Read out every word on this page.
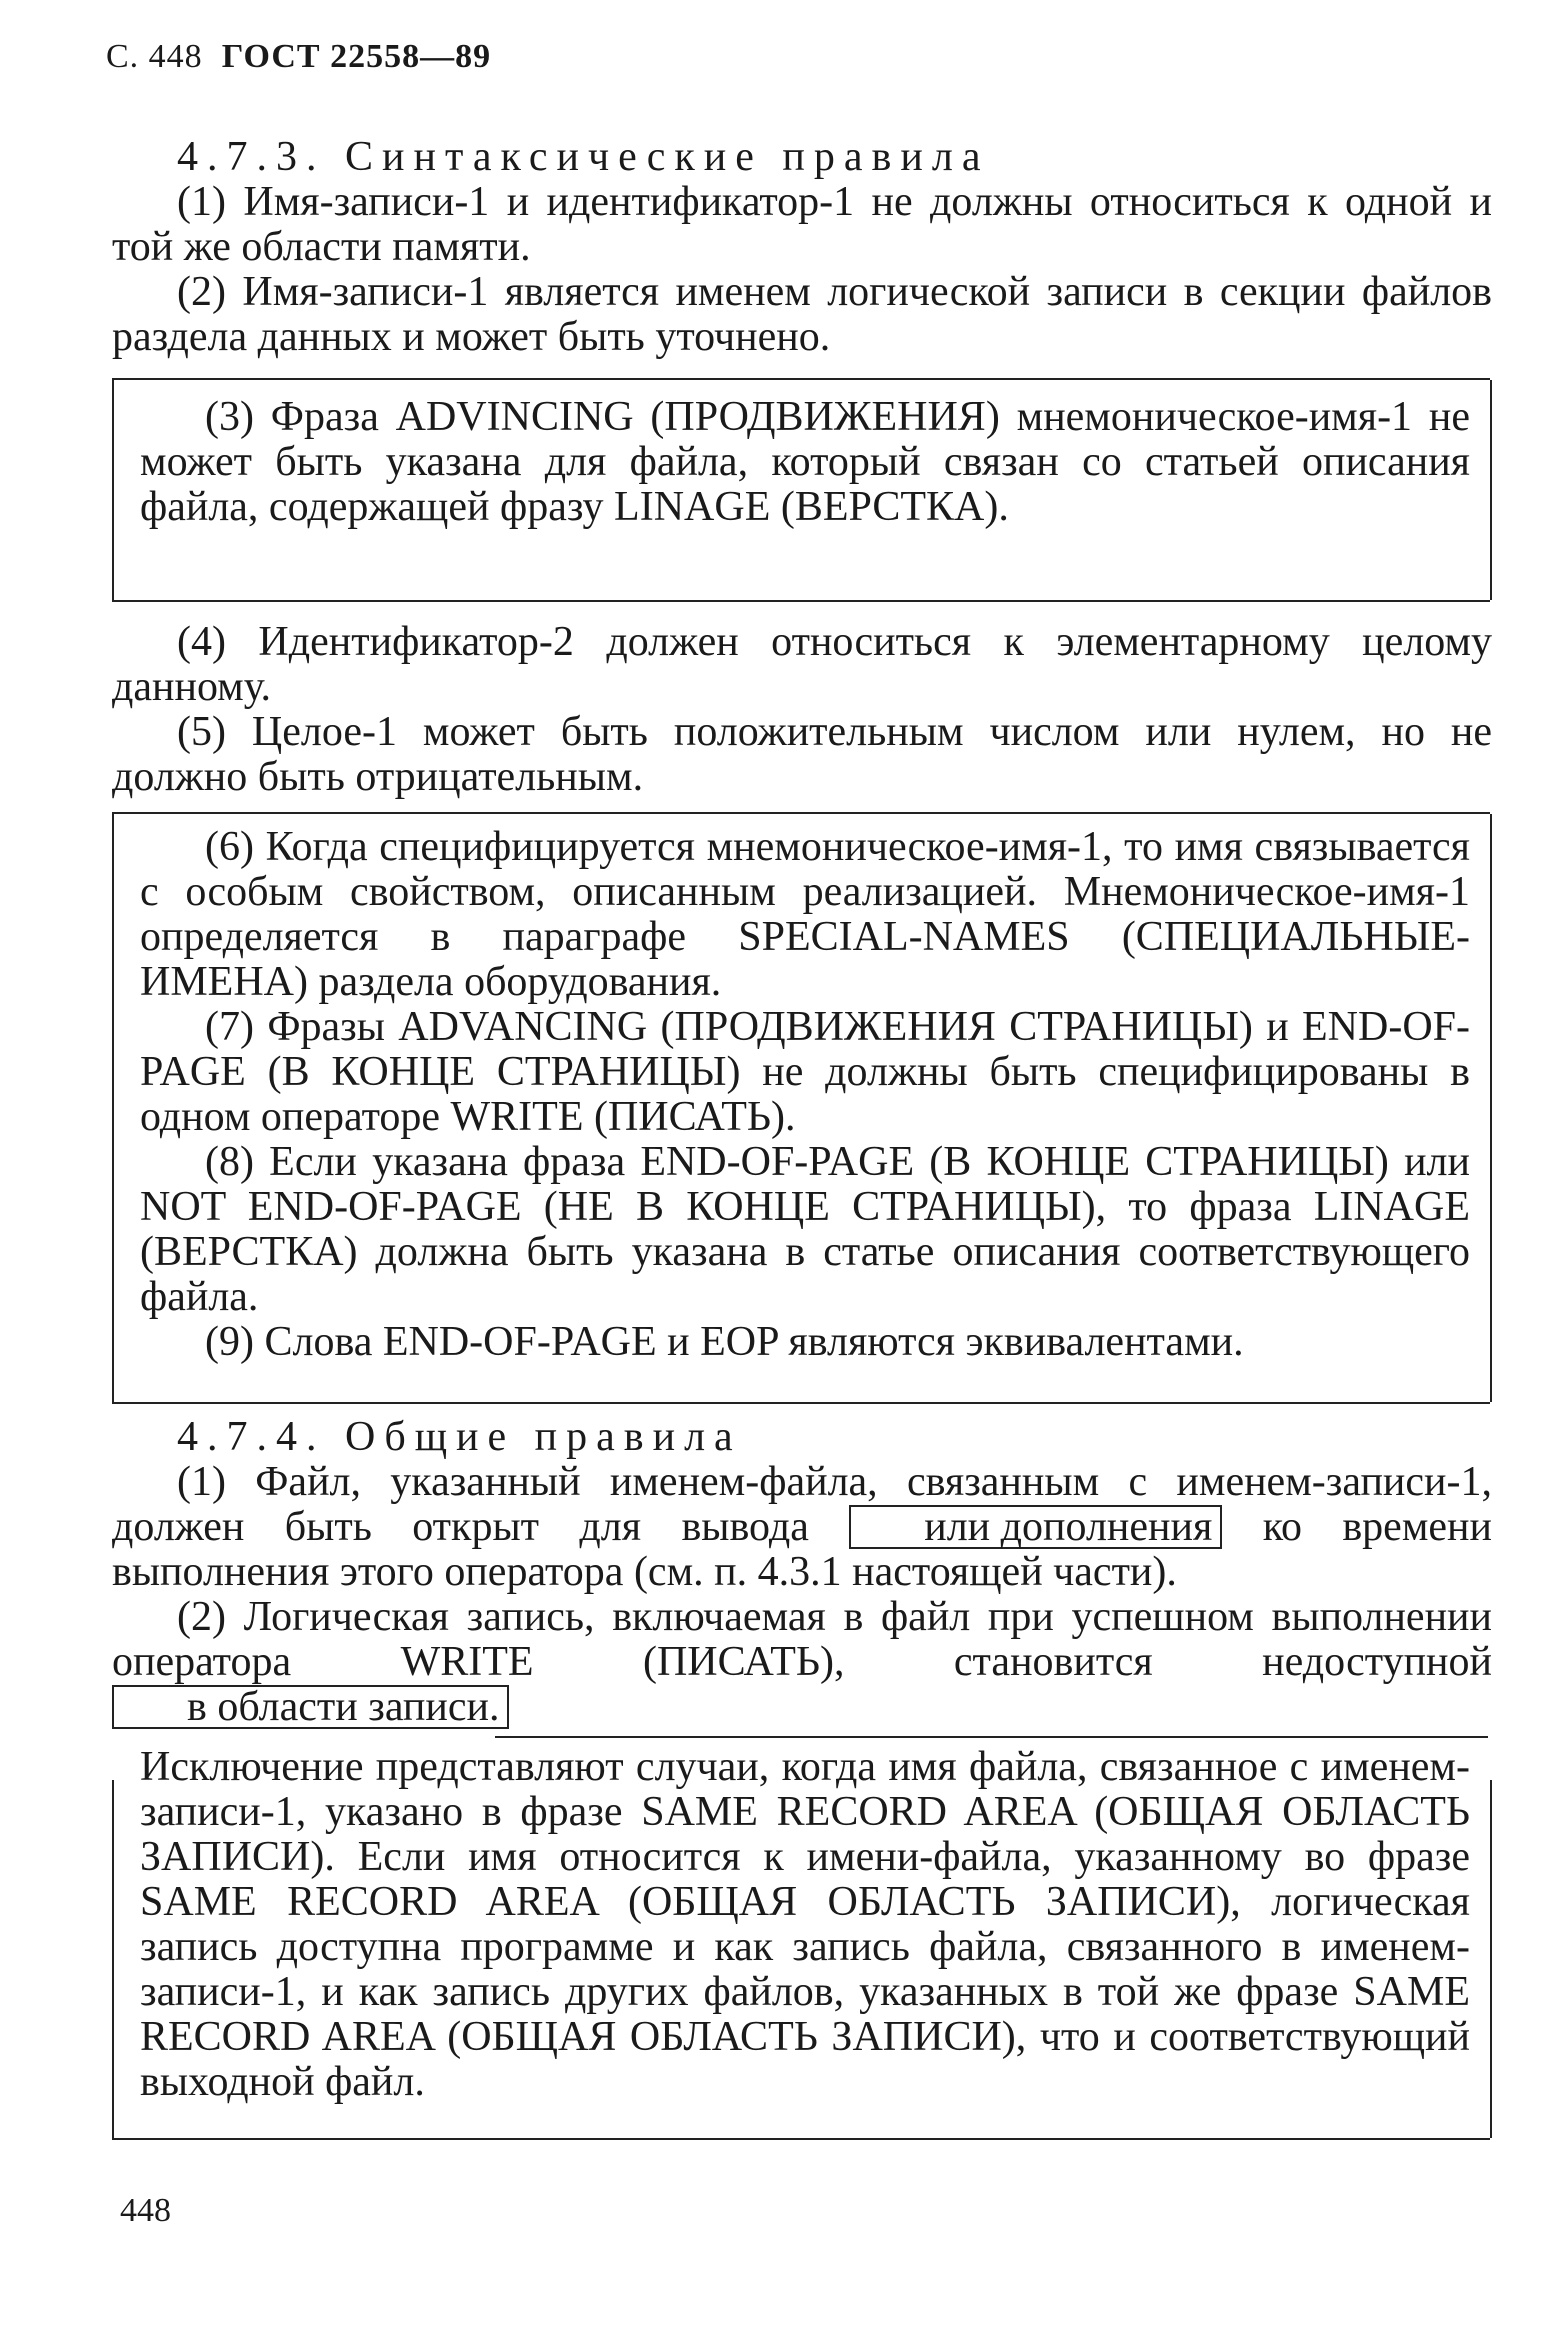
С. 448 ГОСТ 22558—89

4.7.3. Синтаксические правила

(1) Имя-записи-1 и идентификатор-1 не должны относиться к одной и той же области памяти.

(2) Имя-записи-1 является именем логической записи в секции файлов раздела данных и может быть уточнено.

(3) Фраза ADVINCING (ПРОДВИЖЕНИЯ) мнемоническое-имя-1 не может быть указана для файла, который связан со статьей описания файла, содержащей фразу LINAGE (ВЕРСТКА).

(4) Идентификатор-2 должен относиться к элементарному целому данному.

(5) Целое-1 может быть положительным числом или нулем, но не должно быть отрицательным.

(6) Когда специфицируется мнемоническое-имя-1, то имя связывается с особым свойством, описанным реализацией. Мнемоническое-имя-1 определяется в параграфе SPECIAL-NAMES (СПЕЦИАЛЬНЫЕ-ИМЕНА) раздела оборудования.

(7) Фразы ADVANCING (ПРОДВИЖЕНИЯ СТРАНИЦЫ) и END-OF-PAGE (В КОНЦЕ СТРАНИЦЫ) не должны быть специфицированы в одном операторе WRITE (ПИСАТЬ).

(8) Если указана фраза END-OF-PAGE (В КОНЦЕ СТРАНИЦЫ) или NOT END-OF-PAGE (НЕ В КОНЦЕ СТРАНИЦЫ), то фраза LINAGE (ВЕРСТКА) должна быть указана в статье описания соответствующего файла.

(9) Слова END-OF-PAGE и EOP являются эквивалентами.

4.7.4. Общие правила

(1) Файл, указанный именем-файла, связанным с именем-записи-1, должен быть открыт для вывода	или дополнения ко времени выполнения этого оператора (см. п. 4.3.1 настоящей части).

(2) Логическая запись, включаемая в файл при успешном выполнении оператора WRITE (ПИСАТЬ), становится недоступной в области записи.

Исключение представляют случаи, когда имя файла, связанное с именем-записи-1, указано в фразе SAME RECORD AREA (ОБЩАЯ ОБЛАСТЬ ЗАПИСИ). Если имя относится к имени-файла, указанному во фразе SAME RECORD AREA (ОБЩАЯ ОБЛАСТЬ ЗАПИСИ), логическая запись доступна программе и как запись файла, связанного в именем-записи-1, и как запись других файлов, указанных в той же фразе SAME RECORD AREA (ОБЩАЯ ОБЛАСТЬ ЗАПИСИ), что и соответствующий выходной файл.

448
